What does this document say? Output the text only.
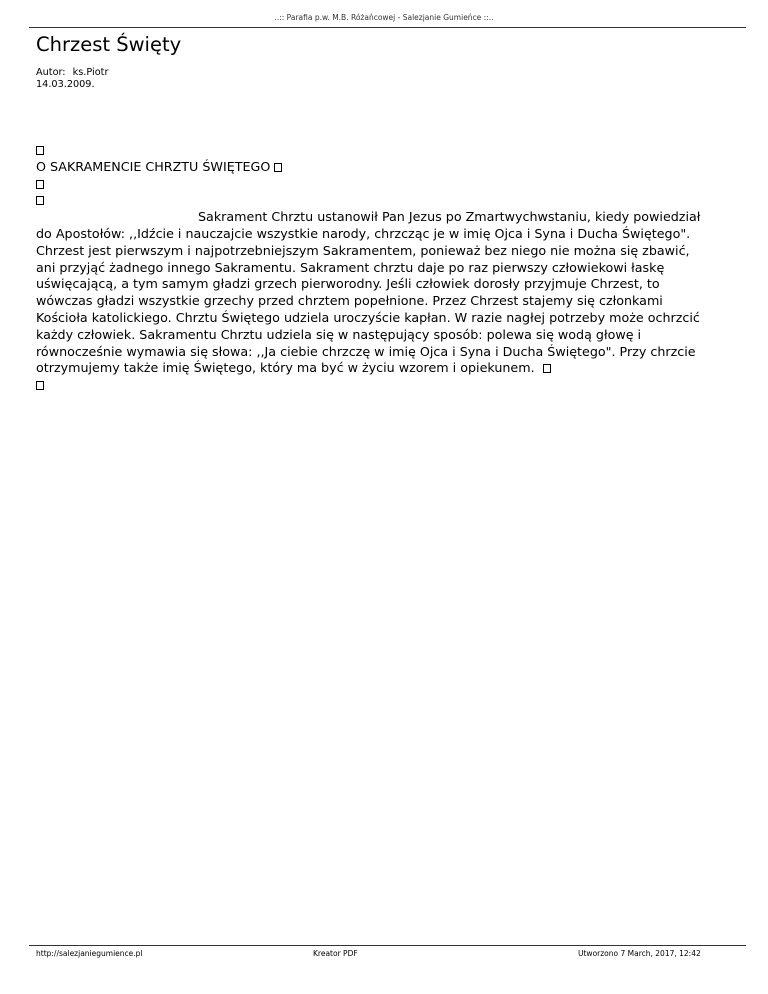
..:: Parafia p.w. M.B. Różańcowej - Salezjanie Gumieńce ::..
Chrzest Święty
Autor: ks.Piotr
14.03.2009.

O SAKRAMENCIE CHRZTU ŚWIĘTEGO

Sakrament Chrztu ustanowił Pan Jezus po Zmartwychwstaniu, kiedy powiedział do Apostołów: ,,Idźcie i nauczajcie wszystkie narody, chrzcząc je w imię Ojca i Syna i Ducha Świętego". Chrzest jest pierwszym i najpotrzebniejszym Sakramentem, ponieważ bez niego nie można się zbawić, ani przyjąć żadnego innego Sakramentu. Sakrament chrztu daje po raz pierwszy człowiekowi łaskę uświęcającą, a tym samym gładzi grzech pierworodny. Jeśli człowiek dorosły przyjmuje Chrzest, to wówczas gładzi wszystkie grzechy przed chrztem popełnione. Przez Chrzest stajemy się członkami Kościoła katolickiego. Chrztu Świętego udziela uroczyście kapłan. W razie nagłej potrzeby może ochrzcić każdy człowiek. Sakramentu Chrztu udziela się w następujący sposób: polewa się wodą głowę i równocześnie wymawia się słowa: ,,Ja ciebie chrzczę w imię Ojca i Syna i Ducha Świętego". Przy chrzcie otrzymujemy także imię Świętego, który ma być w życiu wzorem i opiekunem.

http://salezjaniegumience.pl	Kreator PDF	Utworzono 7 March, 2017, 12:42
